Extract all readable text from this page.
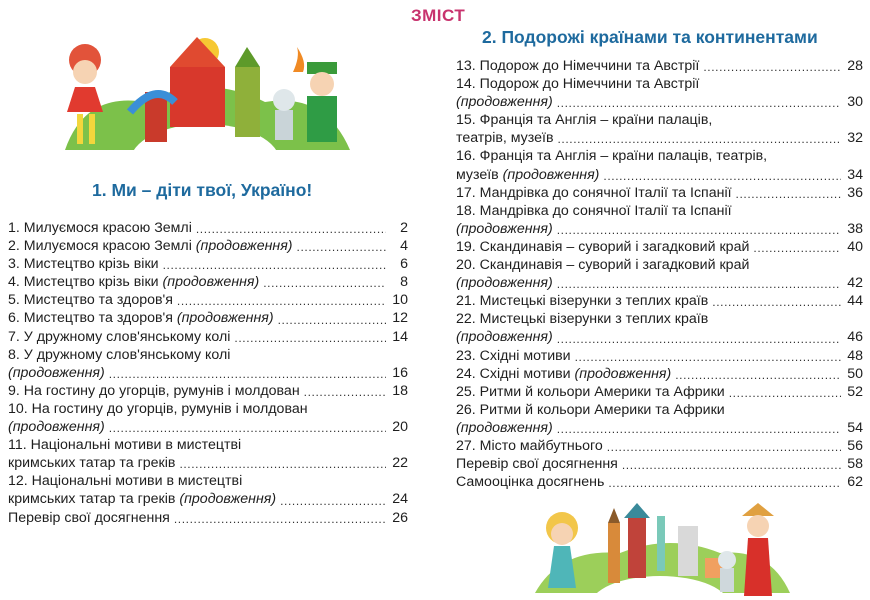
ЗМІСТ
1. Ми – діти твої, Україно!
1. Милуємося красою Землі .....	2
2. Милуємося красою Землі (продовження) .....	4
3. Мистецтво крізь віки .....	6
4. Мистецтво крізь віки (продовження) .....	8
5. Мистецтво та здоров'я .....	10
6. Мистецтво та здоров'я (продовження) .....	12
7. У дружному слов'янському колі .....	14
8. У дружному слов'янському колі
(продовження) .....	16
9. На гостину до угорців, румунів і молдован .....	18
10. На гостину до угорців, румунів і молдован
(продовження) .....	20
11. Національні мотиви в мистецтві
кримських татар та греків .....	22
12. Національні мотиви в мистецтві
кримських татар та греків (продовження) .....	24
Перевір свої досягнення .....	26
2. Подорожі країнами та континентами
13. Подорож до Німеччини та Австрії .....	28
14. Подорож до Німеччини та Австрії
(продовження) .....	30
15. Франція та Англія – країни палаців,
театрів, музеїв .....	32
16. Франція та Англія – країни палаців, театрів,
музеїв (продовження) .....	34
17. Мандрівка до сонячної Італії та Іспанії .....	36
18. Мандрівка до сонячної Італії та Іспанії
(продовження) .....	38
19. Скандинавія – суворий і загадковий край .....	40
20. Скандинавія – суворий і загадковий край
(продовження) .....	42
21. Мистецькі візерунки з теплих країв .....	44
22. Мистецькі візерунки з теплих країв
(продовження) .....	46
23. Східні мотиви .....	48
24. Східні мотиви (продовження) .....	50
25. Ритми й кольори Америки та Африки .....	52
26. Ритми й кольори Америки та Африки
(продовження) .....	54
27. Місто майбутнього .....	56
Перевір свої досягнення .....	58
Самооцінка досягнень .....	62
